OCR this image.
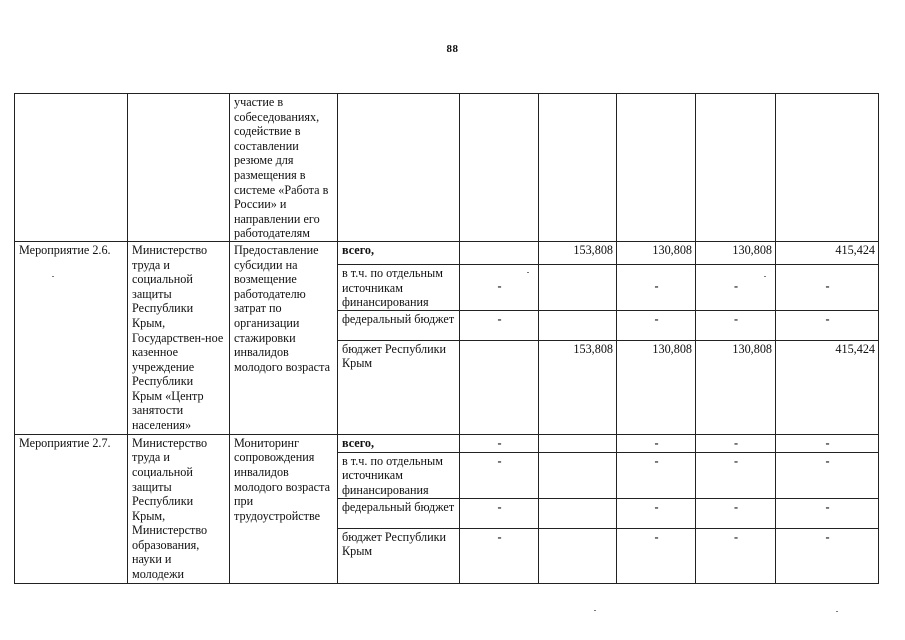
88
		участие в собеседованиях, содействие в составлении резюме для размещения в системе «Работа в России» и направлении его работодателям						
Мероприятие 2.6.	Министерство труда и социальной защиты Республики Крым, Государствен-ное казенное учреждение Республики Крым «Центр занятости населения»	Предоставление субсидии на возмещение работодателю затрат по организации стажировки инвалидов молодого возраста	всего,		153,808	130,808	130,808	415,424
			в т.ч. по отдельным источникам финансирования	-		-	-	-
			федеральный бюджет	-		-	-	-
			бюджет Республики Крым		153,808	130,808	130,808	415,424
Мероприятие 2.7.	Министерство труда и социальной защиты Республики Крым, Министерство образования, науки и молодежи	Мониторинг сопровождения инвалидов молодого возраста при трудоустройстве	всего,	-		-	-	-
			в т.ч. по отдельным источникам финансирования	-		-	-	-
			федеральный бюджет	-		-	-	-
			бюджет Республики Крым	-		-	-	-
